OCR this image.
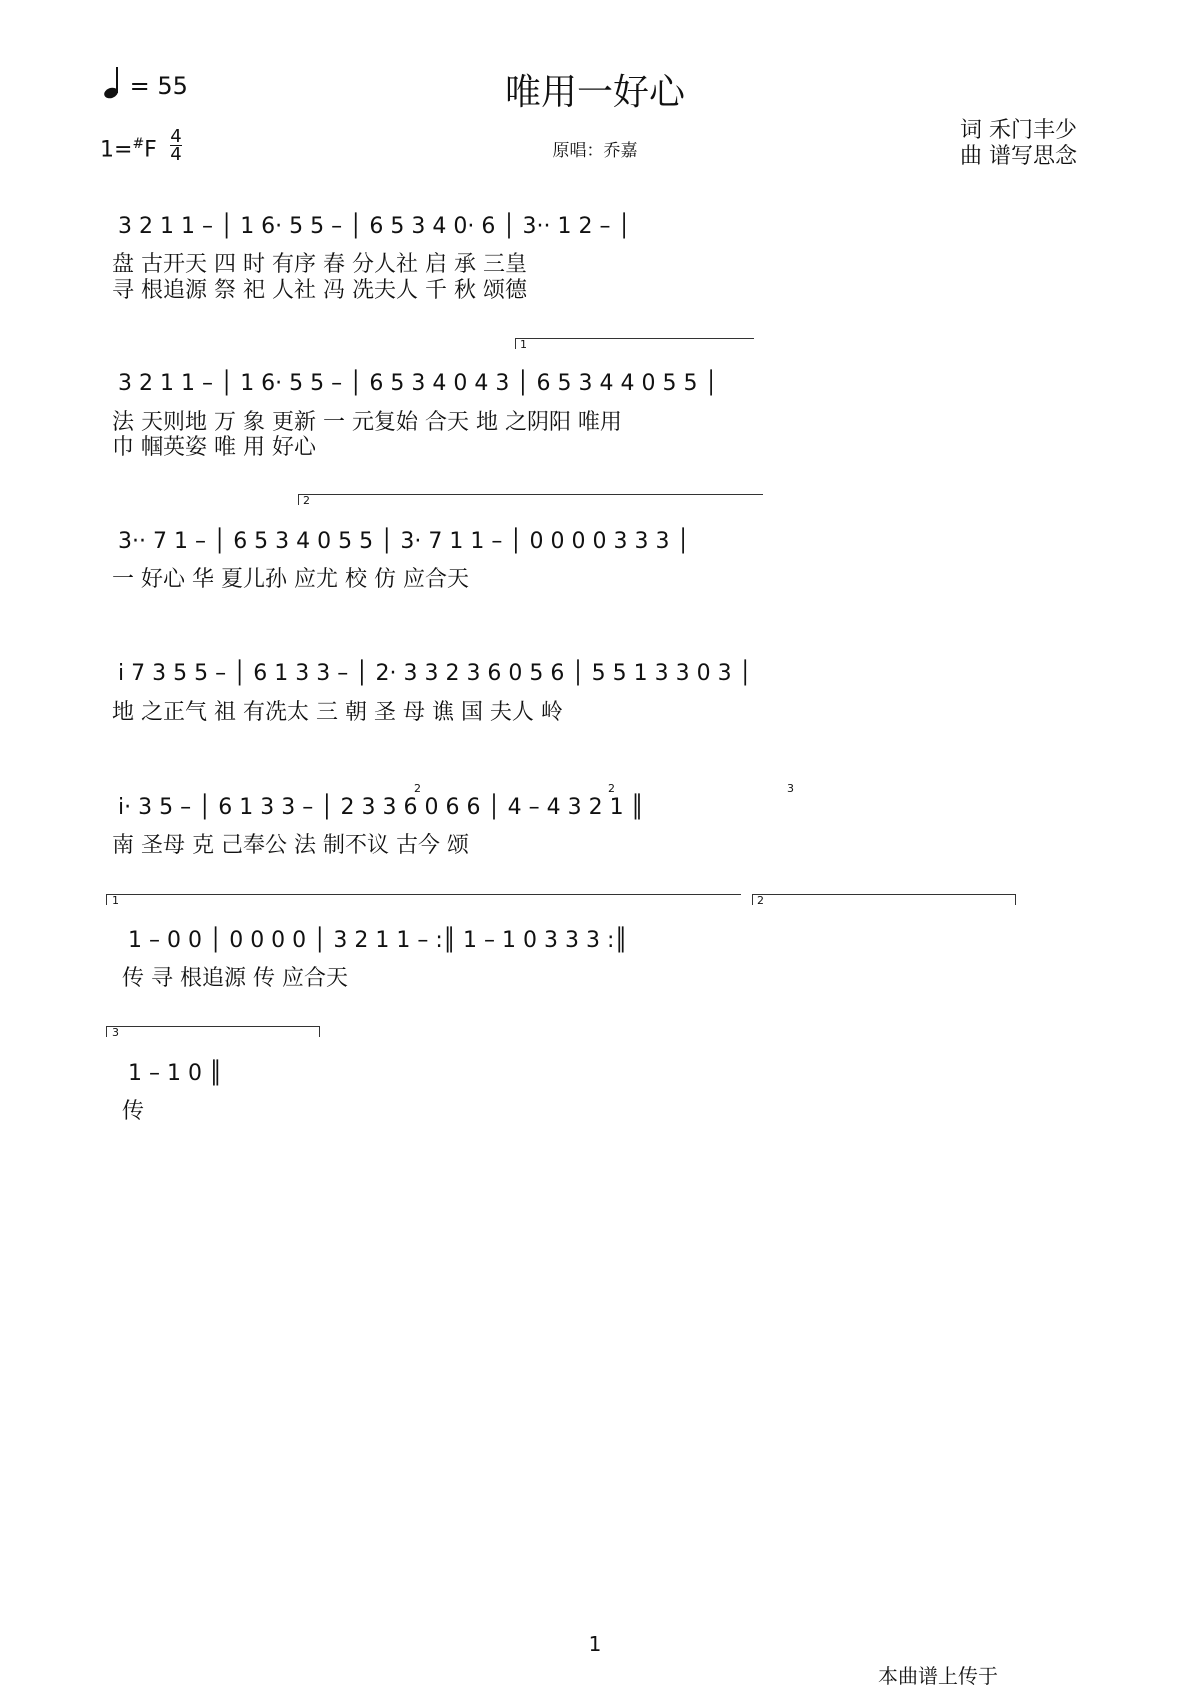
唯用一好心
= 55
1=#F
4
4	原唱：乔嘉
词 禾门丰少
曲 谱写思念
3 2 1 1 – │ 1 6· 5 5 – │ 6 5 3 4 0· 6 │ 3·· 1 2 – │
盘 古开天 四 时 有序 春 分人社 启 承 三皇
寻 根追源 祭 祀 人社 冯 冼夫人 千 秋 颂德
1
3 2 1 1 – │ 1 6· 5 5 – │ 6 5 3 4 0 4 3 │ 6 5 3 4 4 0 5 5 │
法 天则地 万 象 更新 一 元复始 合天 地 之阴阳 唯用
巾 帼英姿 唯 用 好心
2
3·· 7 1 – │ 6 5 3 4 0 5 5 │ 3· 7 1 1 – │ 0 0 0 0 3 3 3 │
一 好心 华 夏儿孙 应尤 校 仿 应合天
i 7 3 5 5 – │ 6 1 3 3 – │ 2· 3 3 2 3 6 0 5 6 │ 5 5 1 3 3 0 3 │
地 之正气 祖 有冼太 三 朝 圣 母 谯 国 夫人 岭
2	2	3
i· 3 5 – │ 6 1 3 3 – │ 2 3 3 6 0 6 6 │ 4 – 4 3 2 1 ║
南 圣母 克 己奉公 法 制不议 古今 颂
1	2
1 – 0 0 │ 0 0 0 0 │ 3 2 1 1 – :║ 1 – 1 0 3 3 3 :║
传 寻 根追源 传 应合天
3
1 – 1 0 ║
传
1
本曲谱上传于
